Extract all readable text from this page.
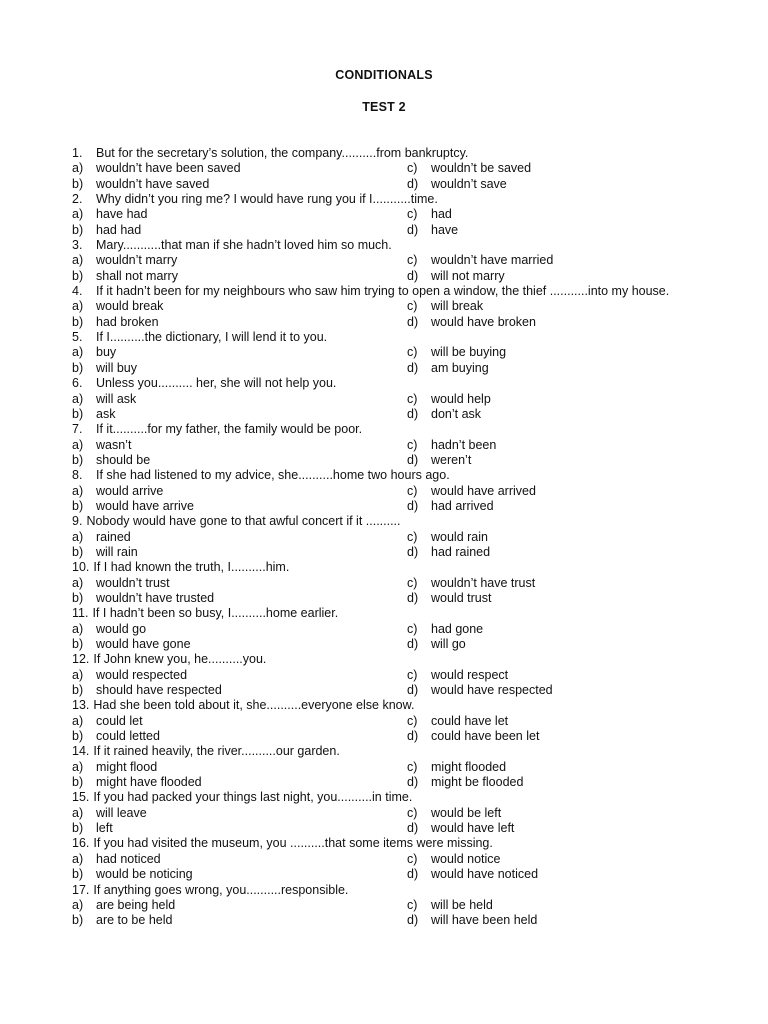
CONDITIONALS
TEST 2
1.	But for the secretary’s solution, the company..........from bankruptcy.
a) wouldn’t have been saved	c) wouldn’t be saved
b) wouldn’t have saved	d) wouldn’t save
2.	Why didn’t you ring me? I would have rung you if I...........time.
a) have had	c) had
b) had had	d) have
3.	Mary...........that man if she hadn’t loved him so much.
a) wouldn’t marry	c) wouldn’t have married
b) shall not marry	d) will not marry
4.	If it hadn’t been for my neighbours who saw him trying to open a window, the thief ...........into my house.
a) would break	c) will break
b) had broken	d) would have broken
5.	If I..........the dictionary, I will lend it to you.
a) buy	c) will be buying
b) will buy	d) am buying
6.	Unless you.......... her, she will not help you.
a) will ask	c) would help
b) ask	d) don’t ask
7.	If it..........for my father, the family would be poor.
a) wasn’t	c) hadn’t been
b) should be	d) weren’t
8.	If she had listened to my advice, she..........home two hours ago.
a) would arrive	c) would have arrived
b) would have arrive	d) had arrived
9. Nobody would have gone to that awful concert if it ..........
a) rained	c) would rain
b) will rain	d) had rained
10. If I had known the truth, I..........him.
a) wouldn’t trust	c) wouldn’t have trust
b) wouldn’t have trusted	d) would trust
11. If I hadn’t been so busy, I..........home earlier.
a) would go	c) had gone
b) would have gone	d) will go
12. If John knew you, he..........you.
a) would respected	c) would respect
b) should have respected	d) would have respected
13. Had she been told about it, she..........everyone else know.
a) could let	c) could have let
b) could letted	d) could have been let
14. If it rained heavily, the river..........our garden.
a) might flood	c) might flooded
b) might have flooded	d) might be flooded
15. If you had packed your things last night, you..........in time.
a) will leave	c) would be left
b) left	d) would have left
16. If you had visited the museum, you ..........that some items were missing.
a) had noticed	c) would notice
b) would be noticing	d) would have noticed
17. If anything goes wrong, you..........responsible.
a) are being held	c) will be held
b) are to be held	d) will have been held
